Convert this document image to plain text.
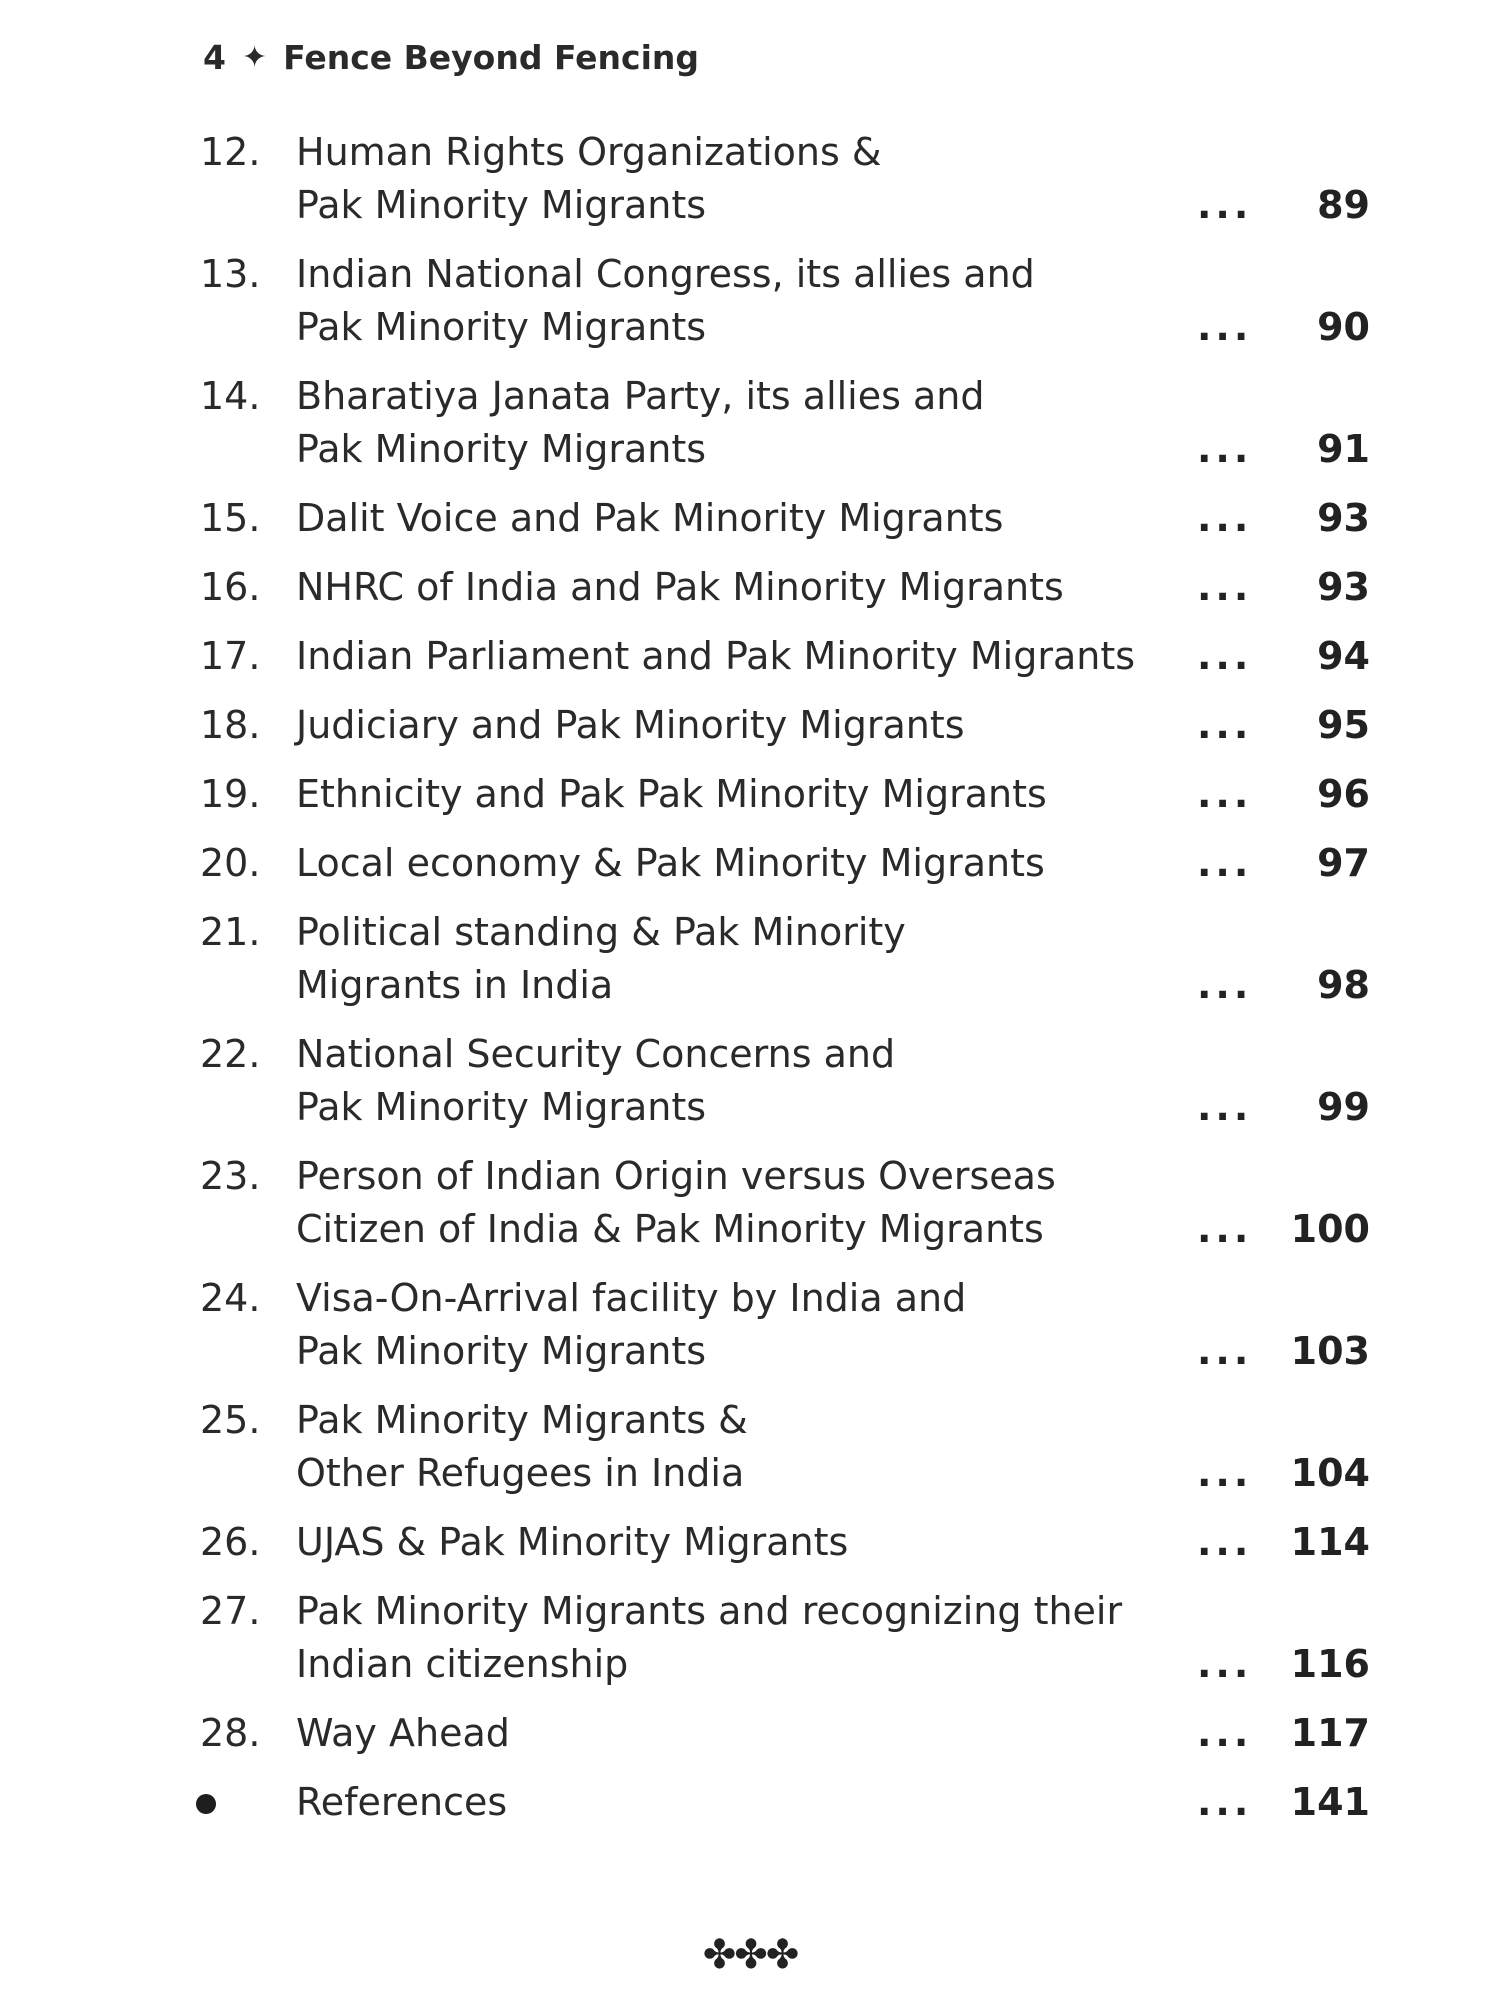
4 ✦ Fence Beyond Fencing
12. Human Rights Organizations &
Pak Minority Migrants	...	89
13. Indian National Congress, its allies and
Pak Minority Migrants	...	90
14. Bharatiya Janata Party, its allies and
Pak Minority Migrants	...	91
15. Dalit Voice and Pak Minority Migrants	...	93
16. NHRC of India and Pak Minority Migrants	...	93
17. Indian Parliament and Pak Minority Migrants ...	94
18. Judiciary and Pak Minority Migrants	...	95
19. Ethnicity and Pak Pak Minority Migrants	...	96
20. Local economy & Pak Minority Migrants	...	97
21. Political standing & Pak Minority
Migrants in India	...	98
22. National Security Concerns and
Pak Minority Migrants	...	99
23. Person of Indian Origin versus Overseas
Citizen of India & Pak Minority Migrants	...	100
24. Visa-On-Arrival facility by India and
Pak Minority Migrants	...	103
25. Pak Minority Migrants &
Other Refugees in India	...	104
26. UJAS & Pak Minority Migrants	...	114
27. Pak Minority Migrants and recognizing their
Indian citizenship	...	116
28. Way Ahead	...	117
References	...	141
✤✤✤
